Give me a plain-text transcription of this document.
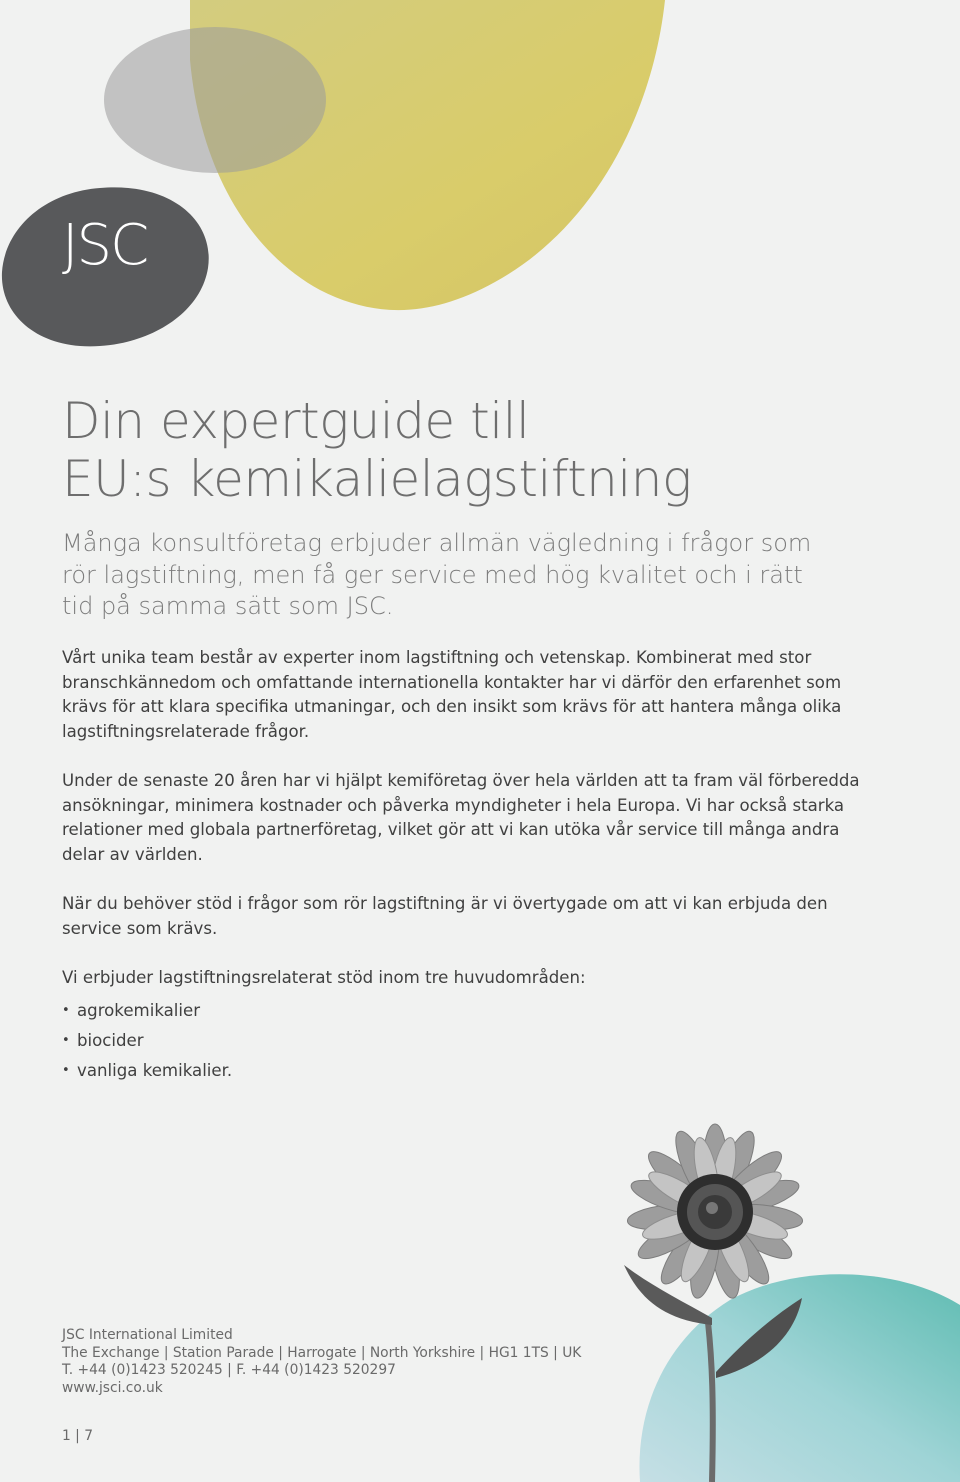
JSC
Din expertguide till
EU:s kemikalielagstiftning

Många konsultföretag erbjuder allmän vägledning i frågor som rör lagstiftning, men få ger service med hög kvalitet och i rätt tid på samma sätt som JSC.

Vårt unika team består av experter inom lagstiftning och vetenskap. Kombinerat med stor branschkännedom och omfattande internationella kontakter har vi därför den erfarenhet som krävs för att klara specifika utmaningar, och den insikt som krävs för att hantera många olika lagstiftningsrelaterade frågor.

Under de senaste 20 åren har vi hjälpt kemiföretag över hela världen att ta fram väl förberedda ansökningar, minimera kostnader och påverka myndigheter i hela Europa. Vi har också starka relationer med globala partnerföretag, vilket gör att vi kan utöka vår service till många andra delar av världen.

När du behöver stöd i frågor som rör lagstiftning är vi övertygade om att vi kan erbjuda den service som krävs.

Vi erbjuder lagstiftningsrelaterat stöd inom tre huvudområden:

• agrokemikalier
• biocider
• vanliga kemikalier.
JSC International Limited
The Exchange | Station Parade | Harrogate | North Yorkshire | HG1 1TS | UK
T. +44 (0)1423 520245 | F. +44 (0)1423 520297
www.jsci.co.uk
1 | 7
